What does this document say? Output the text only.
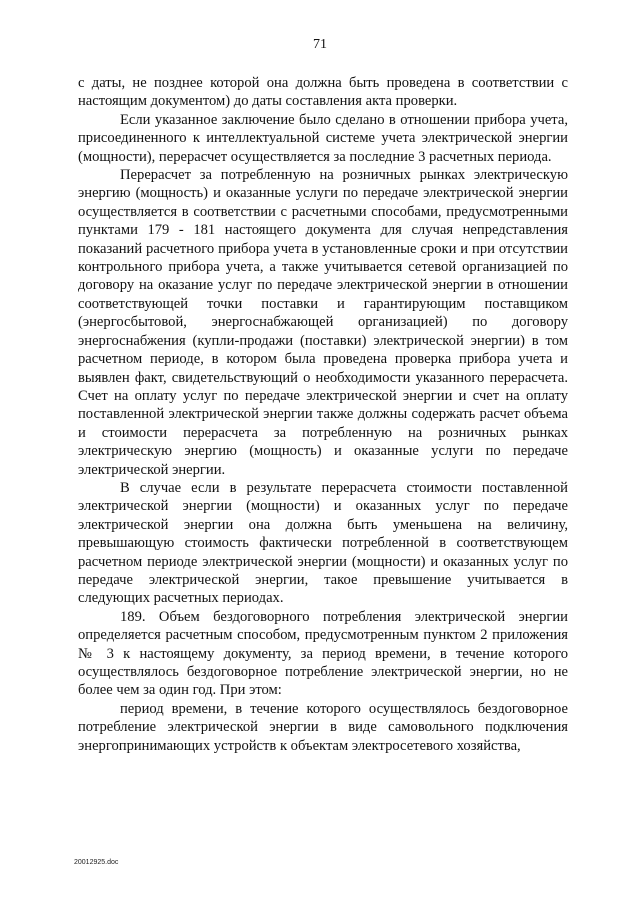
71

с даты, не позднее которой она должна быть проведена в соответствии с настоящим документом) до даты составления акта проверки.

Если указанное заключение было сделано в отношении прибора учета, присоединенного к интеллектуальной системе учета электрической энергии (мощности), перерасчет осуществляется за последние 3 расчетных периода.

Перерасчет за потребленную на розничных рынках электрическую энергию (мощность) и оказанные услуги по передаче электрической энергии осуществляется в соответствии с расчетными способами, предусмотренными пунктами 179 - 181 настоящего документа для случая непредставления показаний расчетного прибора учета в установленные сроки и при отсутствии контрольного прибора учета, а также учитывается сетевой организацией по договору на оказание услуг по передаче электрической энергии в отношении соответствующей точки поставки и гарантирующим поставщиком (энергосбытовой, энергоснабжающей организацией) по договору энергоснабжения (купли-продажи (поставки) электрической энергии) в том расчетном периоде, в котором была проведена проверка прибора учета и выявлен факт, свидетельствующий о необходимости указанного перерасчета. Счет на оплату услуг по передаче электрической энергии и счет на оплату поставленной электрической энергии также должны содержать расчет объема и стоимости перерасчета за потребленную на розничных рынках электрическую энергию (мощность) и оказанные услуги по передаче электрической энергии.

В случае если в результате перерасчета стоимости поставленной электрической энергии (мощности) и оказанных услуг по передаче электрической энергии она должна быть уменьшена на величину, превышающую стоимость фактически потребленной в соответствующем расчетном периоде электрической энергии (мощности) и оказанных услуг по передаче электрической энергии, такое превышение учитывается в следующих расчетных периодах.

189. Объем бездоговорного потребления электрической энергии определяется расчетным способом, предусмотренным пунктом 2 приложения № 3 к настоящему документу, за период времени, в течение которого осуществлялось бездоговорное потребление электрической энергии, но не более чем за один год. При этом:

период времени, в течение которого осуществлялось бездоговорное потребление электрической энергии в виде самовольного подключения энергопринимающих устройств к объектам электросетевого хозяйства,

20012925.doc
